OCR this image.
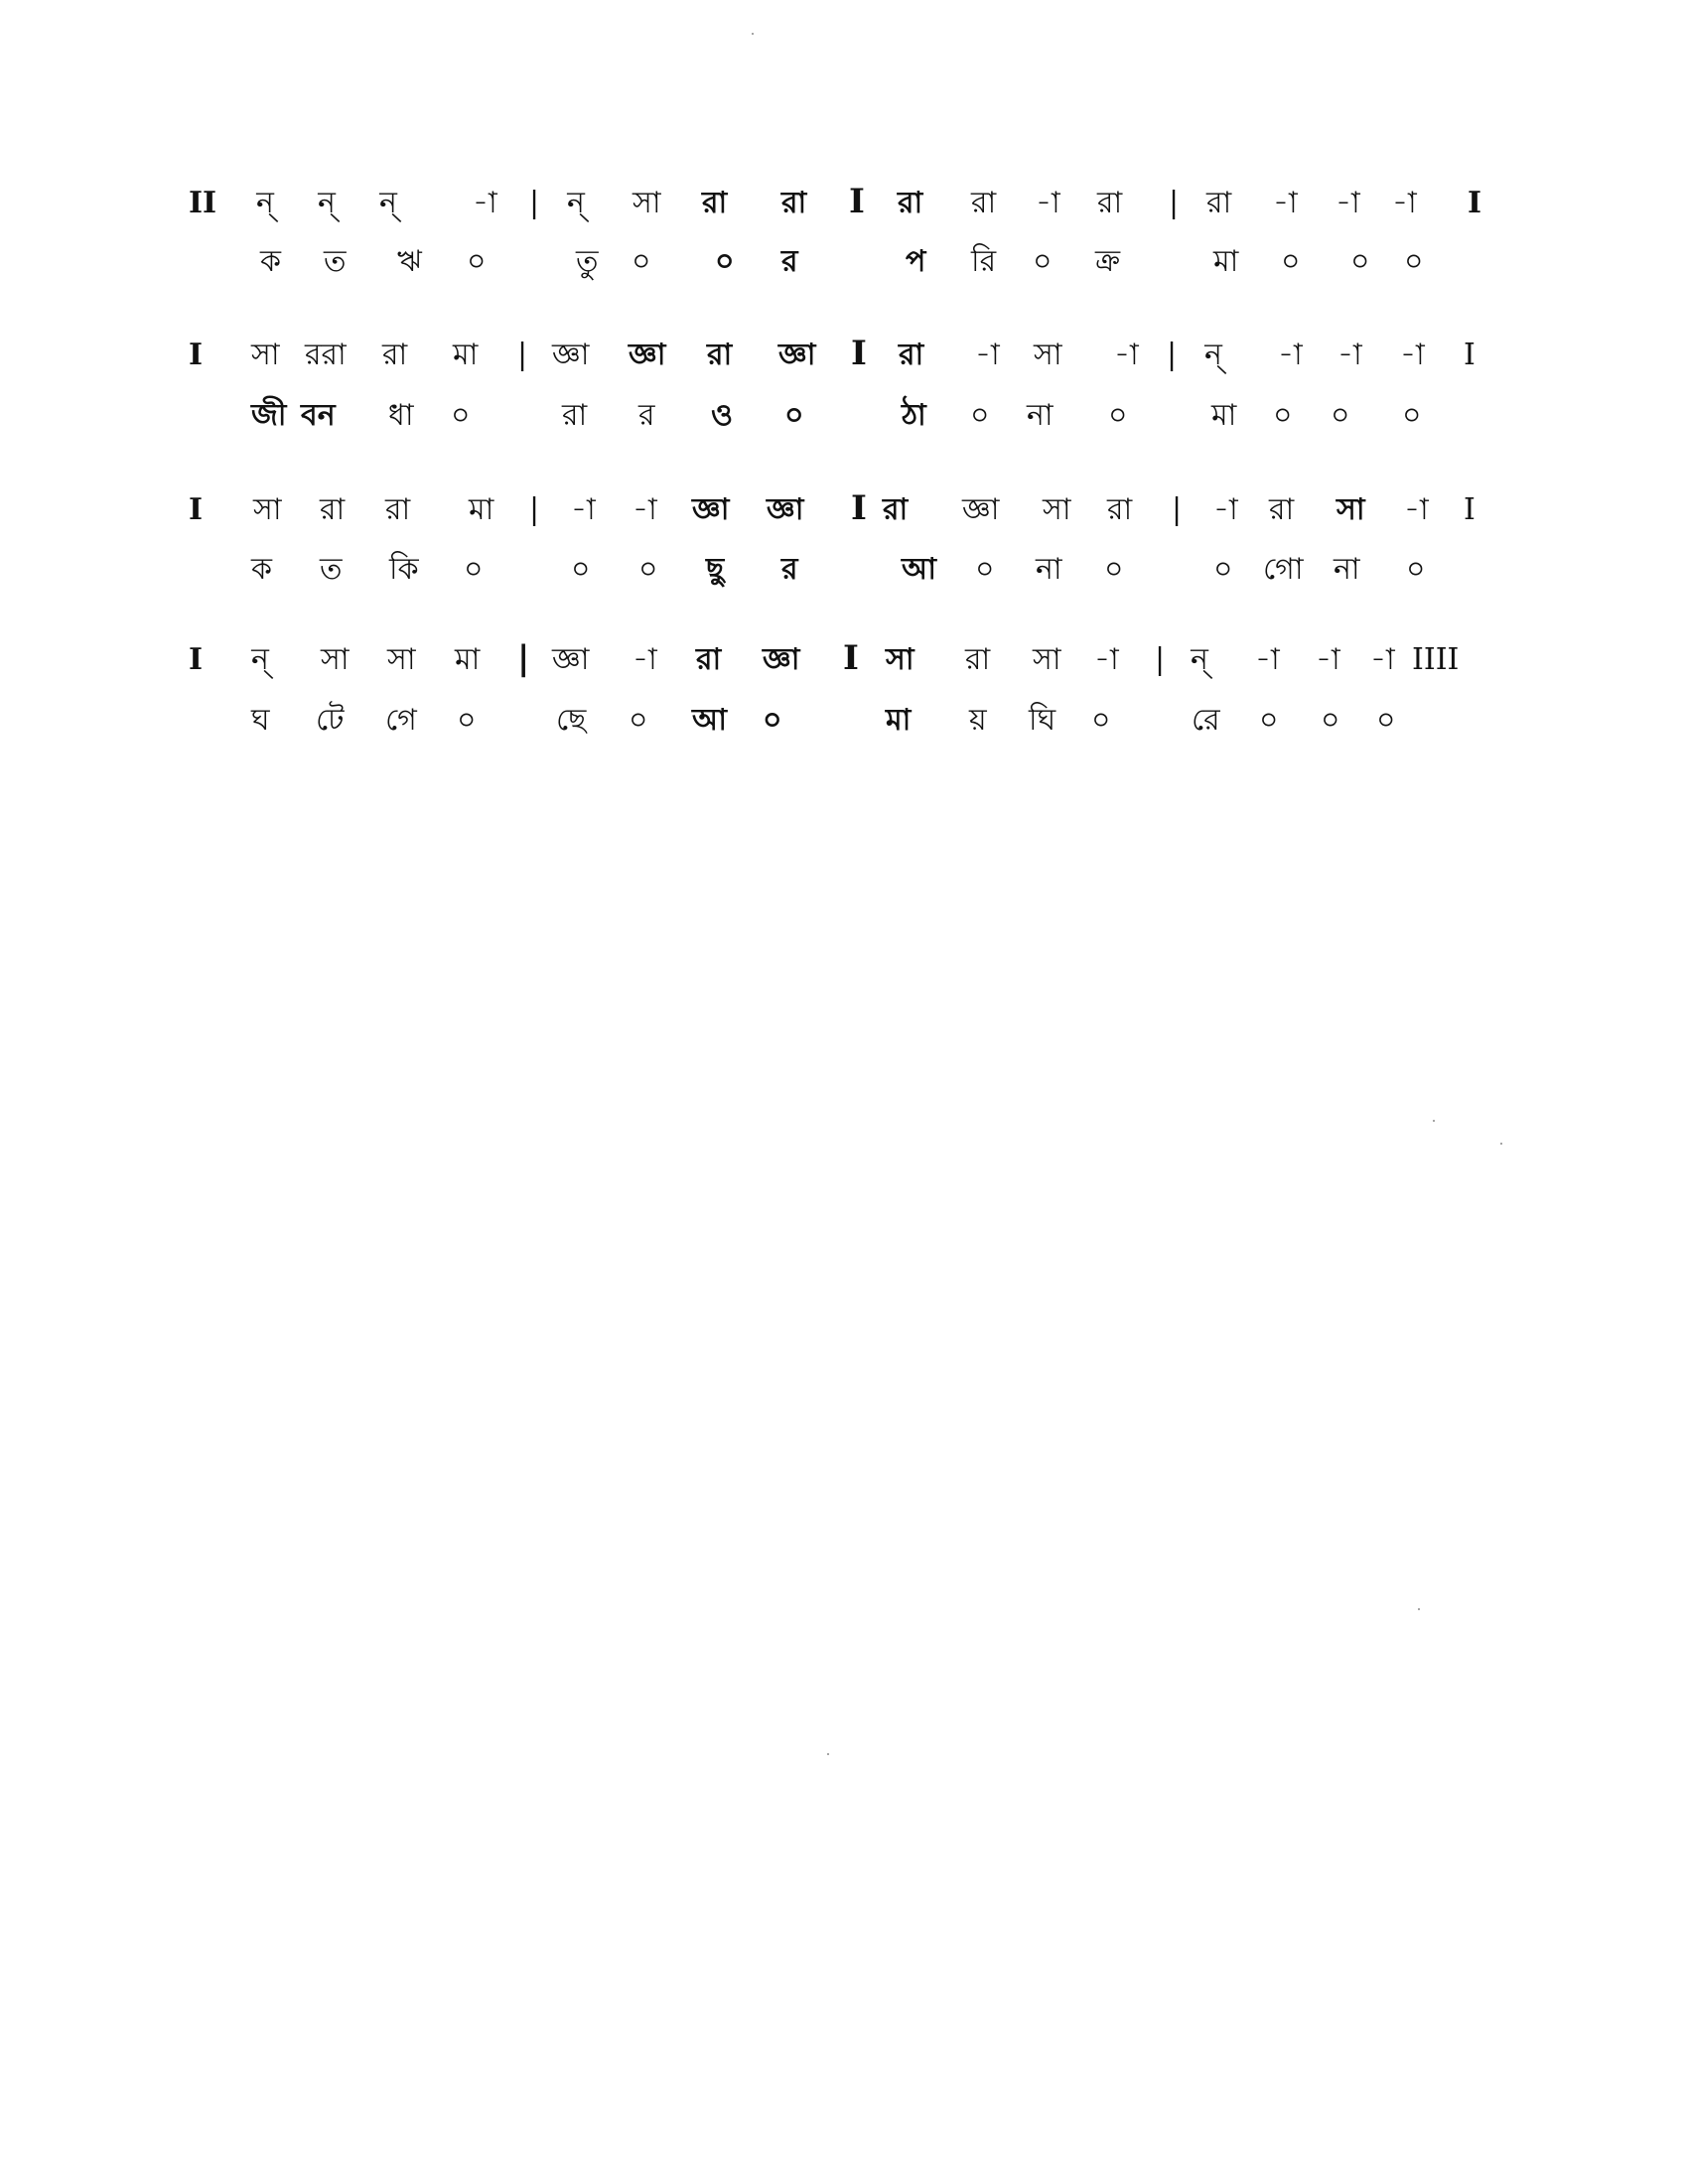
II ন্ ন্ ন্	-া | ন্ সা রা রা I রা রা -া রা | রা -া -া -া I
ক ত ঋ ০	তু ০ ০ র	প রি ০ ক্র	মা ০ ০ ০
I সা ররা রা মা | জ্ঞা জ্ঞা রা জ্ঞা I রা -া সা -া | ন্ -া -া -া I
জী বন ধা ০	রা র ও ০	ঠা ০ না ০	মা ০ ০ ০
I সা রা রা মা | -া -া জ্ঞা জ্ঞা I রা জ্ঞা সা রা | -া রা সা -া I
ক ত কি ০	০ ০ ছু র	আ ০ না ০	০ গো না ০
I ন্ সা সা মা | জ্ঞা -া রা জ্ঞা I সা রা সা -া | ন্ -া -া -া IIII
ঘ টে গে ০	ছে ০ আ ০	মা য় ঘি ০	রে ০ ০ ০
